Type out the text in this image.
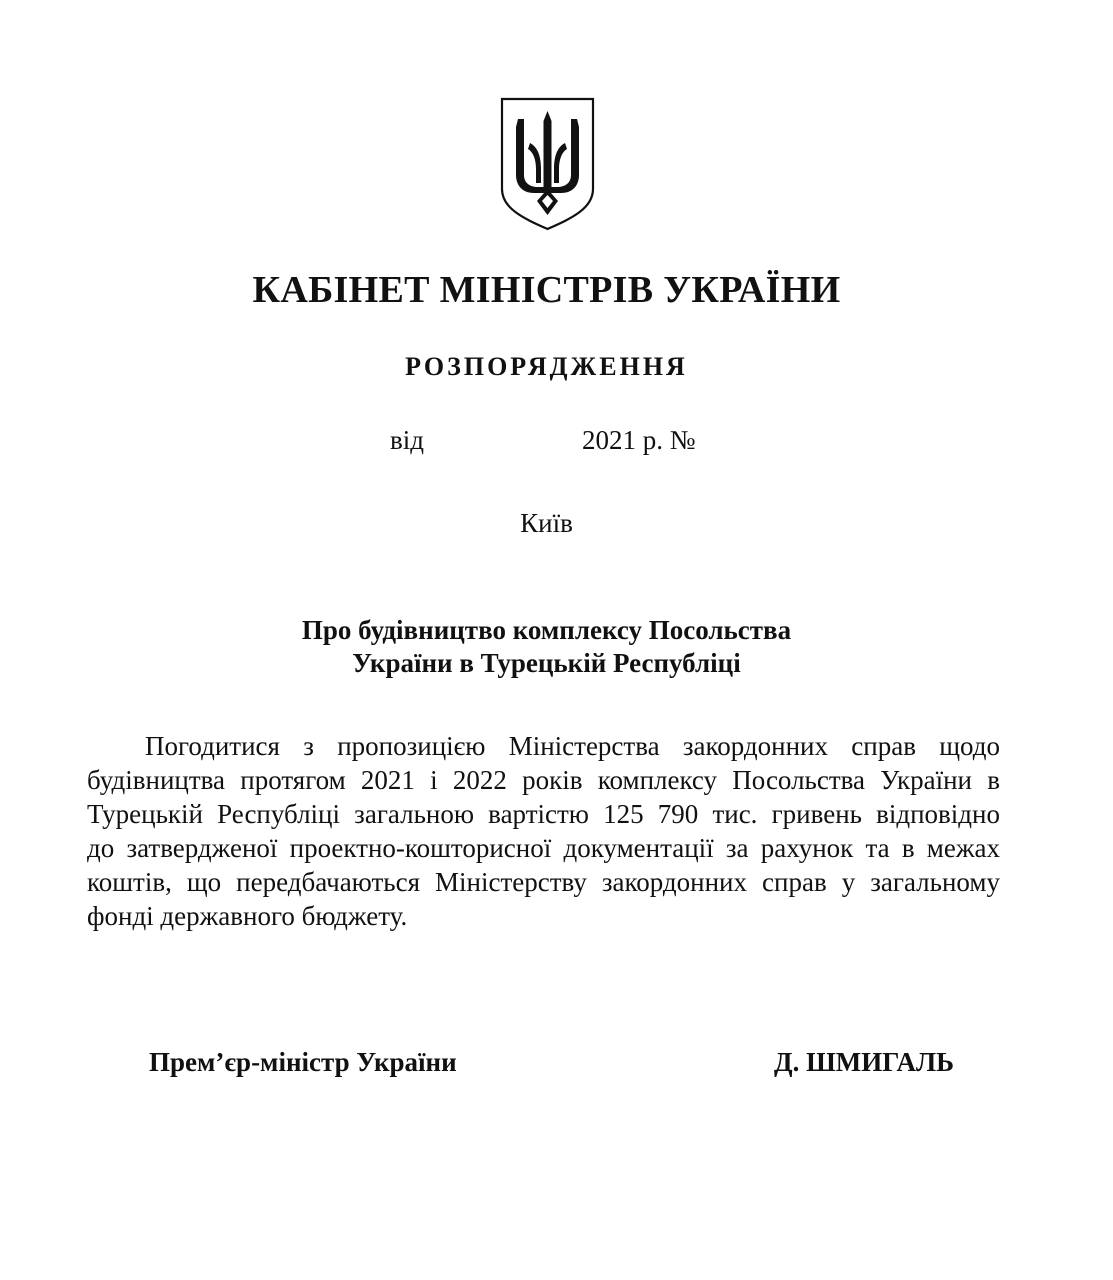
КАБІНЕТ МІНІСТРІВ УКРАЇНИ
РОЗПОРЯДЖЕННЯ
від	2021 р. №
Київ
Про будівництво комплексу Посольства
України в Турецькій Республіці
Погодитися з пропозицією Міністерства закордонних справ щодо
будівництва протягом 2021 і 2022 років комплексу Посольства України в
Турецькій Республіці загальною вартістю 125 790 тис. гривень відповідно
до затвердженої проектно-кошторисної документації за рахунок та в межах
коштів, що передбачаються Міністерству закордонних справ у загальному
фонді державного бюджету.
Прем’єр-міністр України	Д. ШМИГАЛЬ
